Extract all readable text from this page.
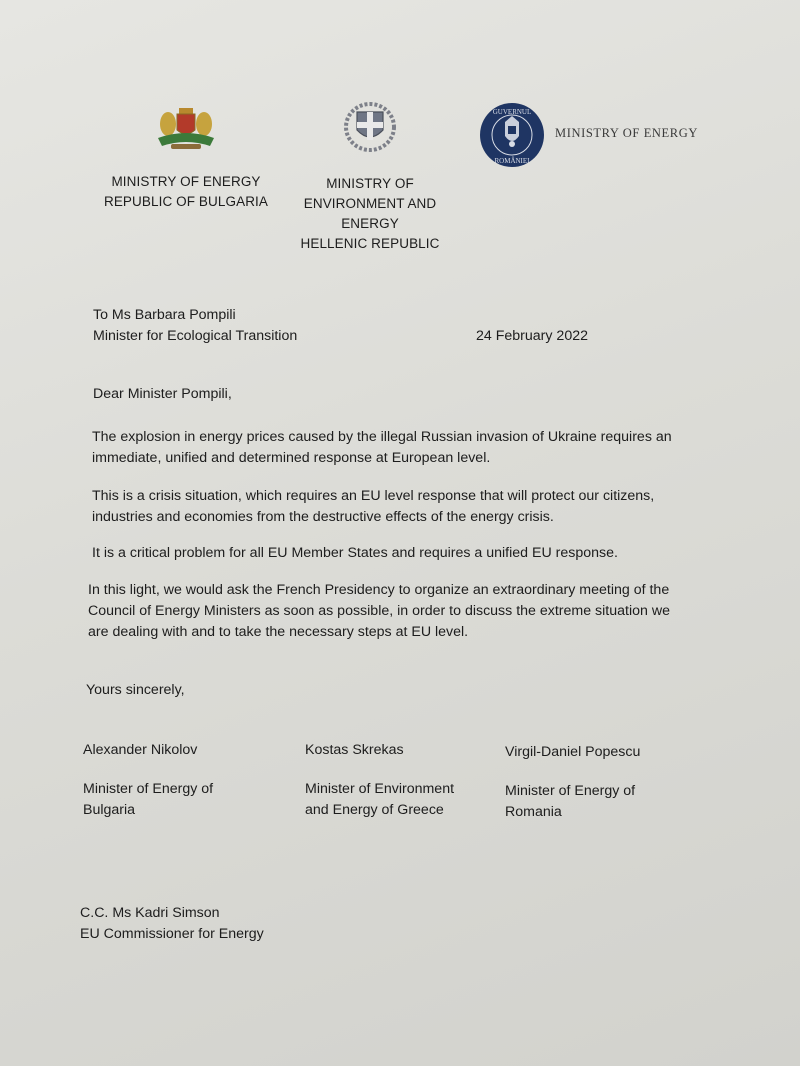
MINISTRY OF ENERGY
REPUBLIC OF BULGARIA
MINISTRY OF
ENVIRONMENT AND
ENERGY
HELLENIC REPUBLIC
GUVERNUL
ROMÂNIEI
MINISTRY OF ENERGY
To Ms Barbara Pompili
Minister for Ecological Transition	24 February 2022
Dear Minister Pompili,
The explosion in energy prices caused by the illegal Russian invasion of Ukraine requires an
immediate, unified and determined response at European level.
This is a crisis situation, which requires an EU level response that will protect our citizens,
industries and economies from the destructive effects of the energy crisis.
It is a critical problem for all EU Member States and requires a unified EU response.
In this light, we would ask the French Presidency to organize an extraordinary meeting of the
Council of Energy Ministers as soon as possible, in order to discuss the extreme situation we
are dealing with and to take the necessary steps at EU level.
Yours sincerely,
Alexander Nikolov
Minister of Energy of
Bulgaria
Kostas Skrekas
Minister of Environment
and Energy of Greece
Virgil-Daniel Popescu
Minister of Energy of
Romania
C.C. Ms Kadri Simson
EU Commissioner for Energy
